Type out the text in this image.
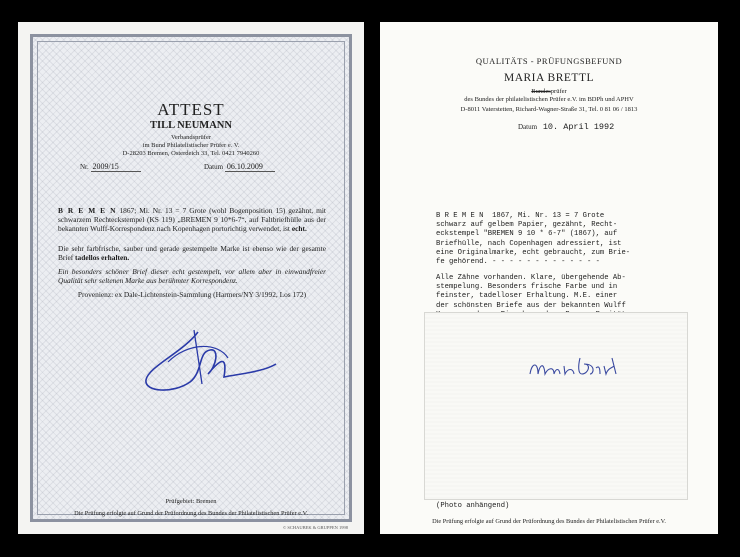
ATTEST
TILL NEUMANN
Verbandsprüfer
im Bund Philatelistischer Prüfer e. V.
D-28203 Bremen, Osterdeich 33, Tel. 0421 7940260
Nr. 2009/15	Datum 06.10.2009
B R E M E N 1867; Mi. Nr. 13 = 7 Grote (wohl Bogenposition 15) gezähnt, mit schwarzem Rechteckstempel (KS 119) „BREMEN 9 10*6-7“, auf Faltbriefhülle aus der bekannten Wulff-Korrespondenz nach Kopenhagen portorichtig verwendet, ist echt.
Die sehr farbfrische, sauber und gerade gestempelte Marke ist ebenso wie der gesamte Brief tadellos erhalten.
Ein besonders schöner Brief dieser echt gestempelt, vor allem aber in einwandfreier Qualität sehr seltenen Marke aus berühmter Korrespondenz.
Provenienz: ex Dale-Lichtenstein-Sammlung (Harmers/NY 3/1992, Los 172)
Prüfgebiet: Bremen
Die Prüfung erfolgte auf Grund der Prüfordnung des Bundes der Philatelistischen Prüfer e.V.
© SCHAUBEK & GRUPPEN 1998
QUALITÄTS - PRÜFUNGSBEFUND
MARIA BRETTL
Bundesprüfer
des Bundes der philatelistischen Prüfer e.V. im BDPh und APHV
D-8011 Vaterstetten, Richard-Wagner-Straße 31, Tel. 0 81 06 / 1813
Datum 10. April 1992
B R E M E N  1867, Mi. Nr. 13 = 7 Grote
schwarz auf gelbem Papier, gezähnt, Recht-
eckstempel "BREMEN 9 10 * 6-7" (1867), auf
Briefhülle, nach Copenhagen adressiert, ist
eine Originalmarke, echt gebraucht, zum Brie-
fe gehörend. - - - - - - - - - - - - -
Alle Zähne vorhanden. Klare, übergehende Ab-
stempelung. Besonders frische Farbe und in
feinster, tadelloser Erhaltung. M.E. einer
der schönsten Briefe aus der bekannten Wulff

(Photo anhängend)
Die Prüfung erfolgte auf Grund der Prüfordnung des Bundes der Philatelistischen Prüfer e.V.
